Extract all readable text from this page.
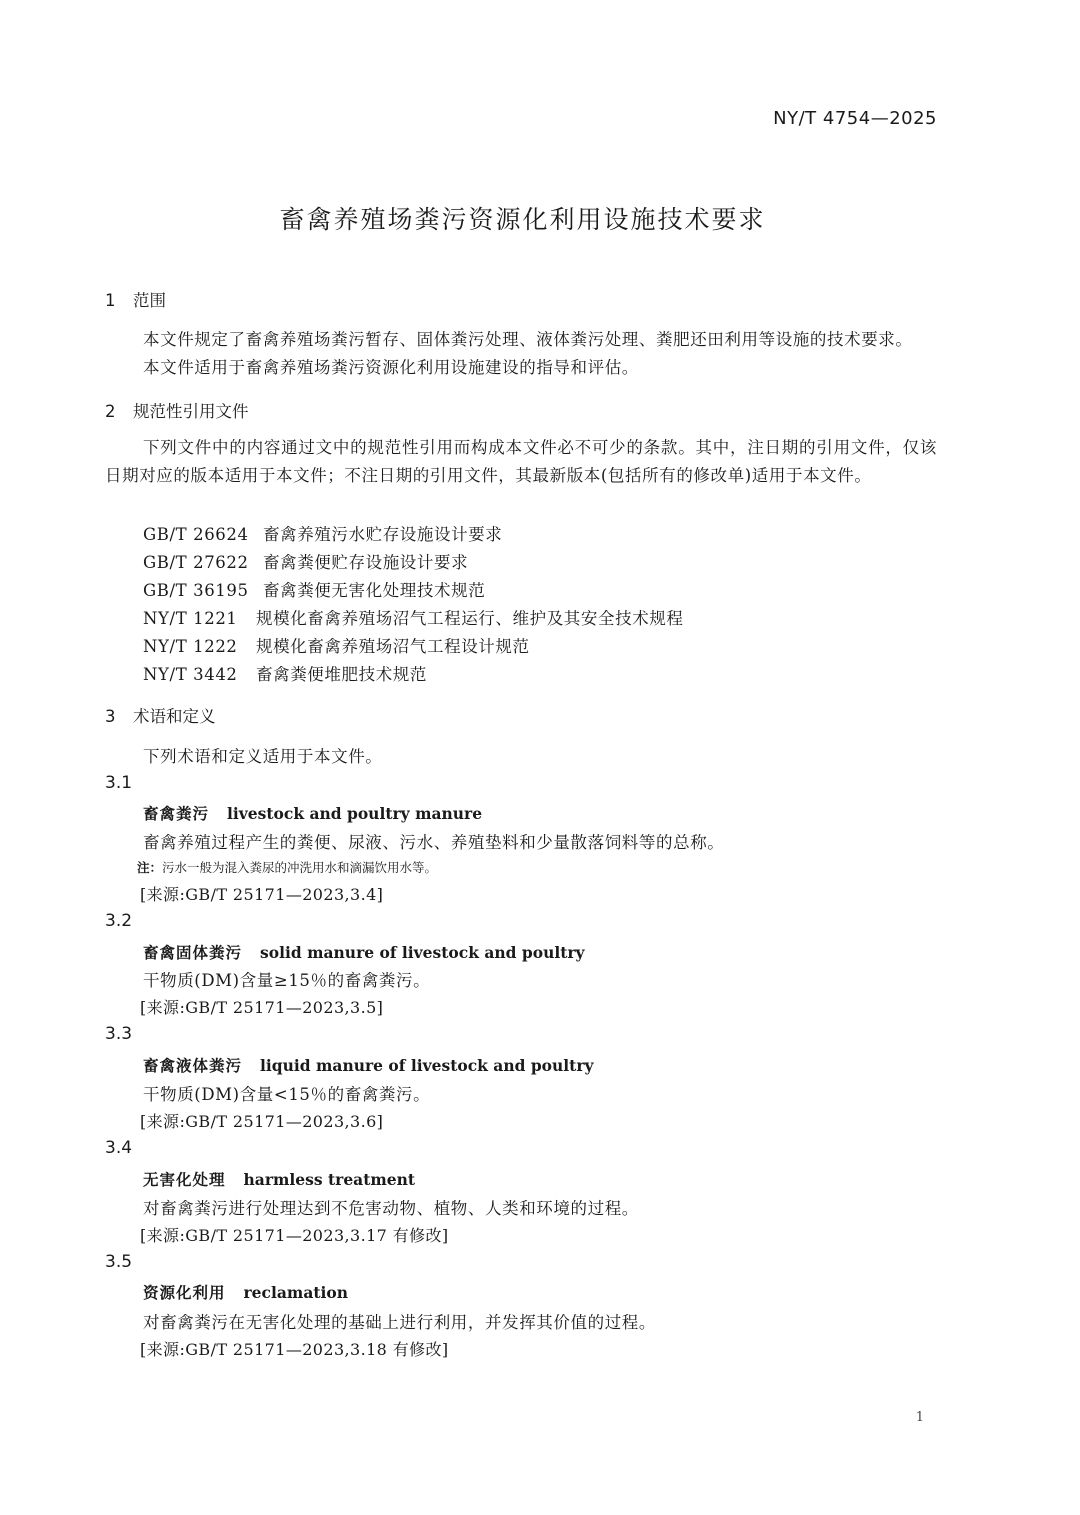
NY/T 4754—2025
畜禽养殖场粪污资源化利用设施技术要求
1 范围
本文件规定了畜禽养殖场粪污暂存、固体粪污处理、液体粪污处理、粪肥还田利用等设施的技术要求。
本文件适用于畜禽养殖场粪污资源化利用设施建设的指导和评估。
2 规范性引用文件
下列文件中的内容通过文中的规范性引用而构成本文件必不可少的条款。其中，注日期的引用文件，仅该日期对应的版本适用于本文件；不注日期的引用文件，其最新版本(包括所有的修改单)适用于本文件。
GB/T 26624 畜禽养殖污水贮存设施设计要求
GB/T 27622 畜禽粪便贮存设施设计要求
GB/T 36195 畜禽粪便无害化处理技术规范
NY/T 1221 规模化畜禽养殖场沼气工程运行、维护及其安全技术规程
NY/T 1222 规模化畜禽养殖场沼气工程设计规范
NY/T 3442 畜禽粪便堆肥技术规范
3 术语和定义
下列术语和定义适用于本文件。
3.1
畜禽粪污 livestock and poultry manure
畜禽养殖过程产生的粪便、尿液、污水、养殖垫料和少量散落饲料等的总称。
注：污水一般为混入粪尿的冲洗用水和滴漏饮用水等。
[来源:GB/T 25171—2023,3.4]
3.2
畜禽固体粪污 solid manure of livestock and poultry
干物质(DM)含量≥15％的畜禽粪污。
[来源:GB/T 25171—2023,3.5]
3.3
畜禽液体粪污 liquid manure of livestock and poultry
干物质(DM)含量<15％的畜禽粪污。
[来源:GB/T 25171—2023,3.6]
3.4
无害化处理 harmless treatment
对畜禽粪污进行处理达到不危害动物、植物、人类和环境的过程。
[来源:GB/T 25171—2023,3.17 有修改]
3.5
资源化利用 reclamation
对畜禽粪污在无害化处理的基础上进行利用，并发挥其价值的过程。
[来源:GB/T 25171—2023,3.18 有修改]
1
